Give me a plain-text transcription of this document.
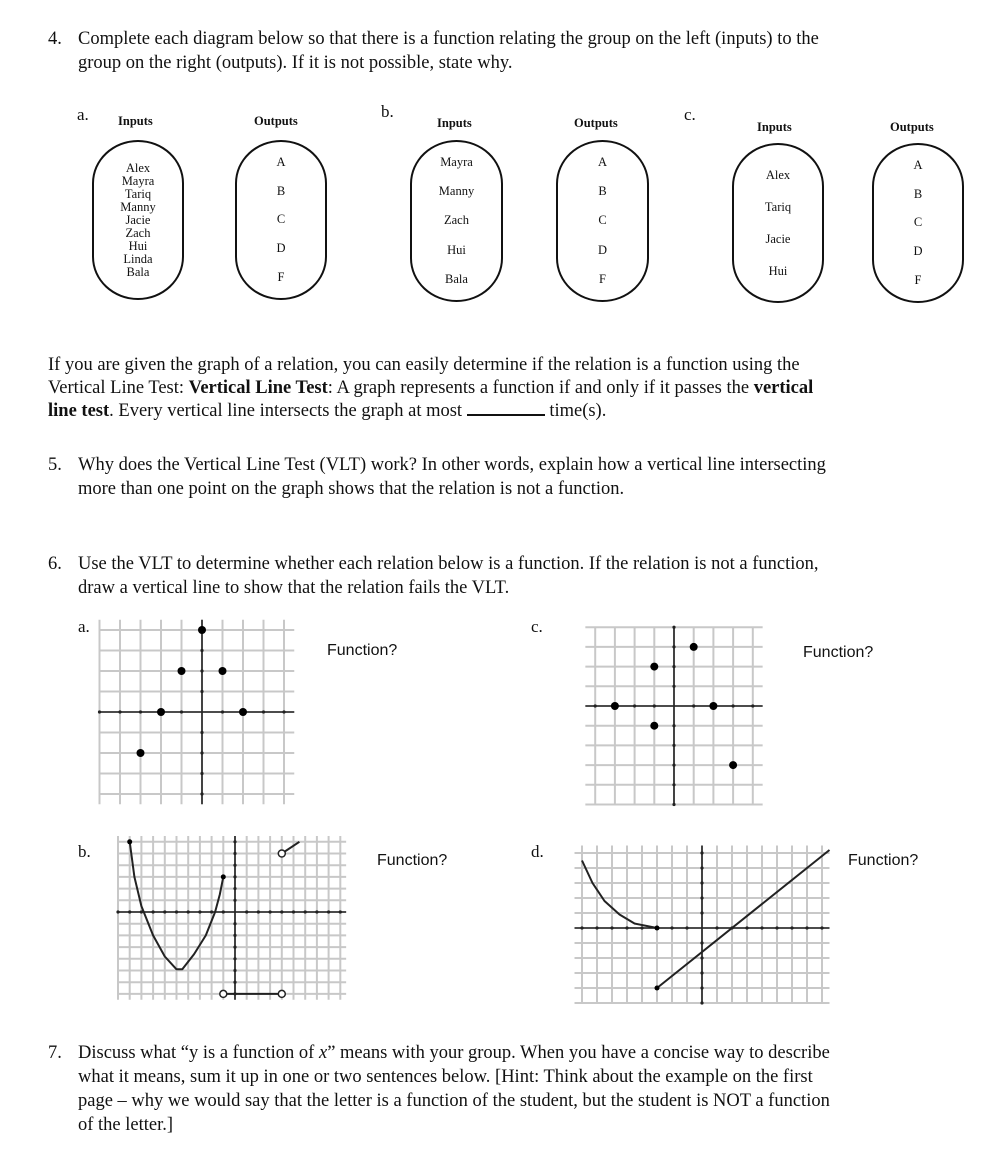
4. Complete each diagram below so that there is a function relating the group on the left (inputs) to the
group on the right (outputs). If it is not possible, state why.
a. Inputs	Outputs
Alex
Mayra
Tariq
Manny
Jacie
Zach
Hui
Linda
Bala
A
B
C
D
F
b.
Inputs	Outputs
Mayra
Manny
Zach
Hui
Bala
A
B
C
D
F
c.
Inputs	Outputs
Alex
Tariq
Jacie
Hui
A
B
C
D
F
If you are given the graph of a relation, you can easily determine if the relation is a function using the
Vertical Line Test: Vertical Line Test: A graph represents a function if and only if it passes the vertical
line test. Every vertical line intersects the graph at most	time(s).
5. Why does the Vertical Line Test (VLT) work? In other words, explain how a vertical line intersecting
more than one point on the graph shows that the relation is not a function.
6. Use the VLT to determine whether each relation below is a function. If the relation is not a function,
draw a vertical line to show that the relation fails the VLT.
a.
Function?
c.
Function?
b.	Function?	d.	Function?
7. Discuss what “y is a function of x” means with your group. When you have a concise way to describe
what it means, sum it up in one or two sentences below. [Hint: Think about the example on the first
page – why we would say that the letter is a function of the student, but the student is NOT a function
of the letter.]
